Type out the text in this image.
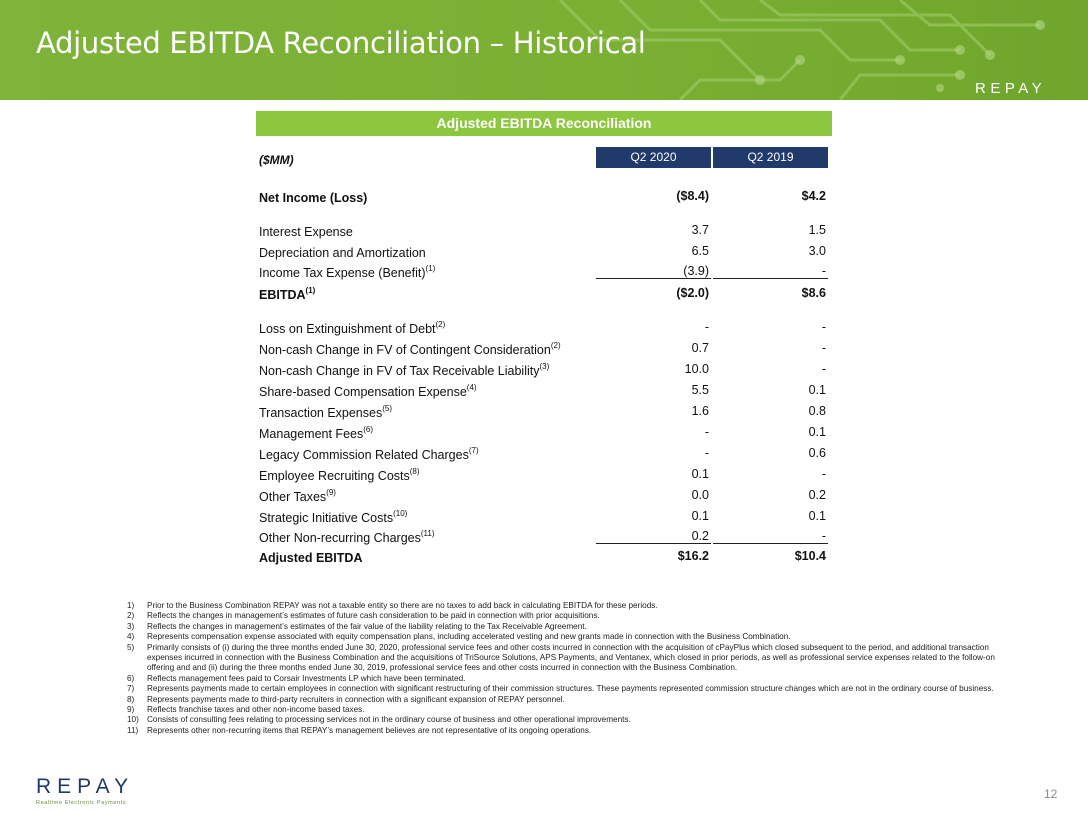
Adjusted EBITDA Reconciliation – Historical
REPAY
Adjusted EBITDA Reconciliation
($MM)	Q2 2020	Q2 2019
Net Income (Loss)	($8.4)	$4.2
Interest Expense	3.7	1.5
Depreciation and Amortization	6.5	3.0
Income Tax Expense (Benefit)$^{(1)}$	(3.9)	-
EBITDA$^{(1)}$	($2.0)	$8.6
Loss on Extinguishment of Debt$^{(2)}$	-	-
Non-cash Change in FV of Contingent Consideration$^{(2)}$	0.7	-
Non-cash Change in FV of Tax Receivable Liability$^{(3)}$	10.0	-
Share-based Compensation Expense$^{(4)}$	5.5	0.1
Transaction Expenses$^{(5)}$	1.6	0.8
Management Fees$^{(6)}$	-	0.1
Legacy Commission Related Charges$^{(7)}$	-	0.6
Employee Recruiting Costs$^{(8)}$	0.1	-
Other Taxes$^{(9)}$	0.0	0.2
Strategic Initiative Costs$^{(10)}$	0.1	0.1
Other Non-recurring Charges$^{(11)}$	0.2	-
Adjusted EBITDA	$16.2	$10.4
1)	Prior to the Business Combination REPAY was not a taxable entity so there are no taxes to add back in calculating EBITDA for these periods.
2)	Reflects the changes in management’s estimates of future cash consideration to be paid in connection with prior acquisitions.
3)	Reflects the changes in management’s estimates of the fair value of the liability relating to the Tax Receivable Agreement.
4)	Represents compensation expense associated with equity compensation plans, including accelerated vesting and new grants made in connection with the Business Combination.
5)	Primarily consists of (i) during the three months ended June 30, 2020, professional service fees and other costs incurred in connection with the acquisition of cPayPlus which closed subsequent to the period, and additional transaction expenses incurred in connection with the Business Combination and the acquisitions of TriSource Solutions, APS Payments, and Ventanex, which closed in prior periods, as well as professional service expenses related to the follow-on offering and and (ii) during the three months ended June 30, 2019, professional service fees and other costs incurred in connection with the Business Combination.
6)	Reflects management fees paid to Corsair Investments LP which have been terminated.
7)	Represents payments made to certain employees in connection with significant restructuring of their commission structures. These payments represented commission structure changes which are not in the ordinary course of business.
8)	Represents payments made to third-party recruiters in connection with a significant expansion of REPAY personnel.
9)	Reflects franchise taxes and other non-income based taxes.
10) Consists of consulting fees relating to processing services not in the ordinary course of business and other operational improvements.
11)	Represents other non-recurring items that REPAY’s management believes are not representative of its ongoing operations.
REPAY
Realtime Electronic Payments
12
